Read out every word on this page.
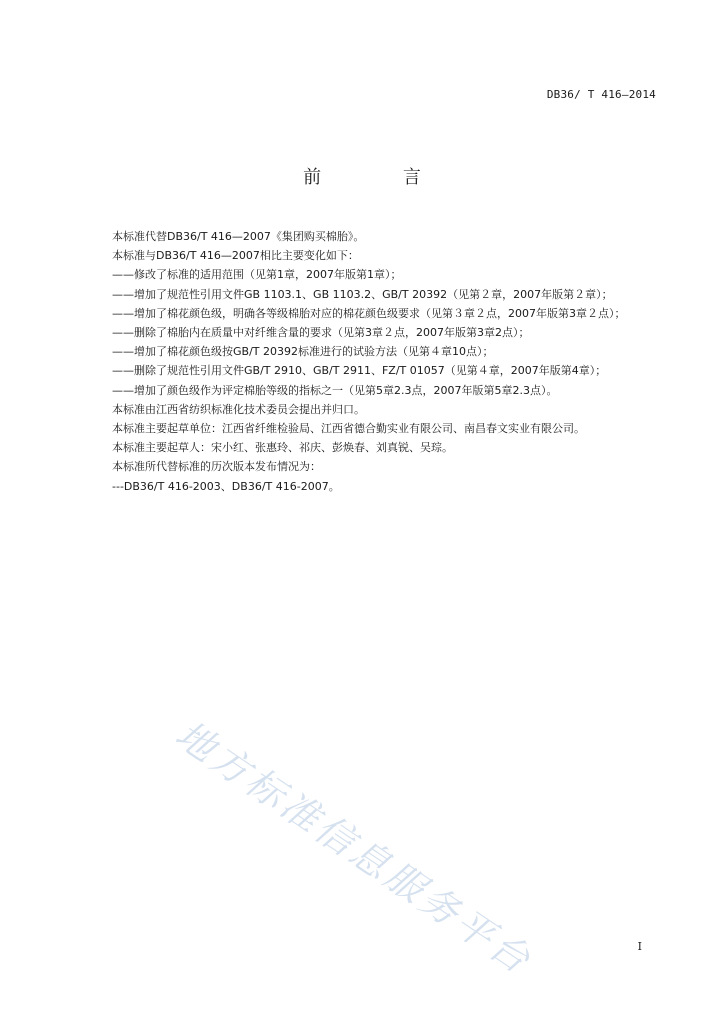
DB36/ T 416—2014
前 言

本标准代替DB36/T 416—2007《集团购买棉胎》。

本标准与DB36/T 416—2007相比主要变化如下：

——修改了标准的适用范围（见第1章，2007年版第1章）；

——增加了规范性引用文件GB 1103.1、GB 1103.2、GB/T 20392（见第２章，2007年版第２章）；

——增加了棉花颜色级，明确各等级棉胎对应的棉花颜色级要求（见第３章２点，2007年版第3章２点）；

——删除了棉胎内在质量中对纤维含量的要求（见第3章２点，2007年版第3章2点）；

——增加了棉花颜色级按GB/T 20392标准进行的试验方法（见第４章10点）；

——删除了规范性引用文件GB/T 2910、GB/T 2911、FZ/T 01057（见第４章，2007年版第4章）；

——增加了颜色级作为评定棉胎等级的指标之一（见第5章2.3点，2007年版第5章2.3点）。

本标准由江西省纺织标准化技术委员会提出并归口。

本标准主要起草单位：江西省纤维检验局、江西省德合勤实业有限公司、南昌春文实业有限公司。

本标准主要起草人：宋小红、张惠玲、祁庆、彭焕春、刘真锐、吴琮。

本标准所代替标准的历次版本发布情况为：

---DB36/T 416-2003、DB36/T 416-2007。

地方标准信息服务平台	I
